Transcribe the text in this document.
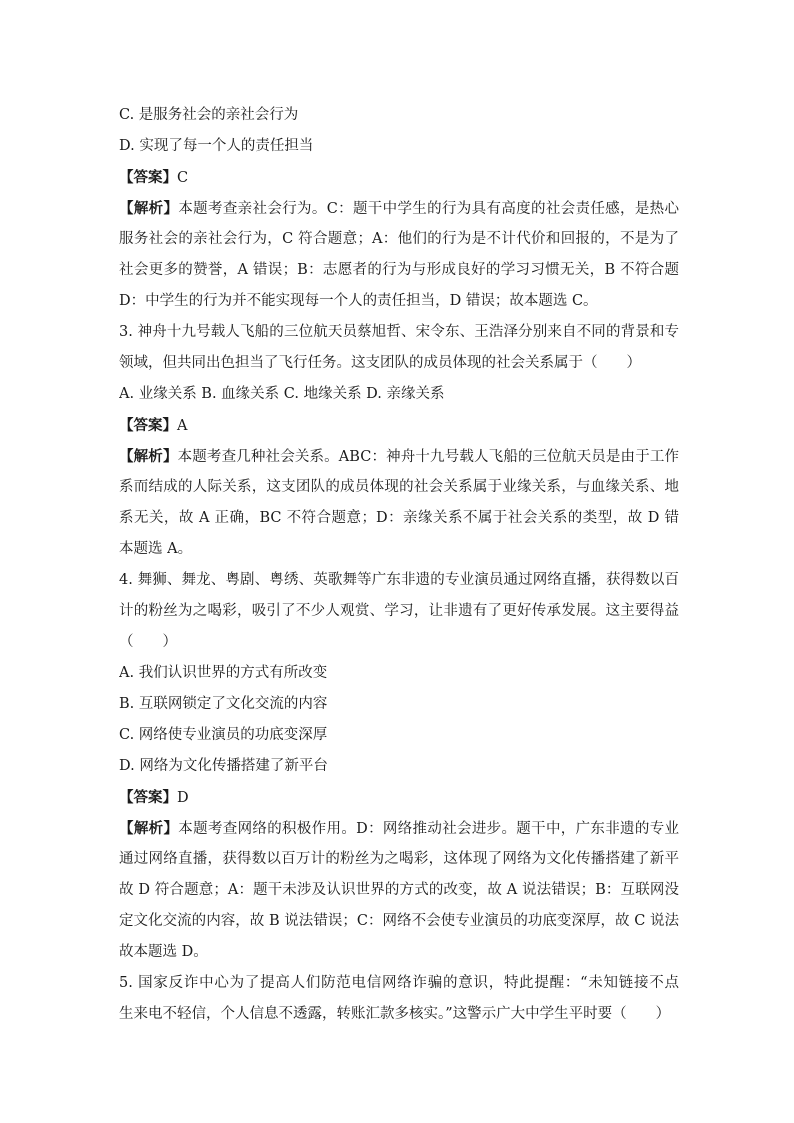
C. 是服务社会的亲社会行为
D. 实现了每一个人的责任担当
【答案】C
【解析】本题考查亲社会行为。C：题干中学生的行为具有高度的社会责任感，是热心
服务社会的亲社会行为，C 符合题意；A：他们的行为是不计代价和回报的，不是为了
社会更多的赞誉，A 错误；B：志愿者的行为与形成良好的学习习惯无关，B 不符合题
D：中学生的行为并不能实现每一个人的责任担当，D 错误；故本题选 C。
3. 神舟十九号载人飞船的三位航天员蔡旭哲、宋令东、王浩泽分别来自不同的背景和专
领域，但共同出色担当了飞行任务。这支团队的成员体现的社会关系属于（　　）
A. 业缘关系 B. 血缘关系 C. 地缘关系 D. 亲缘关系
【答案】A
【解析】本题考查几种社会关系。ABC：神舟十九号载人飞船的三位航天员是由于工作
系而结成的人际关系，这支团队的成员体现的社会关系属于业缘关系，与血缘关系、地
系无关，故 A 正确，BC 不符合题意；D：亲缘关系不属于社会关系的类型，故 D 错
本题选 A。
4. 舞狮、舞龙、粤剧、粤绣、英歌舞等广东非遗的专业演员通过网络直播，获得数以百
计的粉丝为之喝彩，吸引了不少人观赏、学习，让非遗有了更好传承发展。这主要得益
（　　）
A. 我们认识世界的方式有所改变
B. 互联网锁定了文化交流的内容
C. 网络使专业演员的功底变深厚
D. 网络为文化传播搭建了新平台
【答案】D
【解析】本题考查网络的积极作用。D：网络推动社会进步。题干中，广东非遗的专业
通过网络直播，获得数以百万计的粉丝为之喝彩，这体现了网络为文化传播搭建了新平
故 D 符合题意；A：题干未涉及认识世界的方式的改变，故 A 说法错误；B：互联网没
定文化交流的内容，故 B 说法错误；C：网络不会使专业演员的功底变深厚，故 C 说法
故本题选 D。
5. 国家反诈中心为了提高人们防范电信网络诈骗的意识，特此提醒：“未知链接不点
生来电不轻信，个人信息不透露，转账汇款多核实。”这警示广大中学生平时要（　　）
